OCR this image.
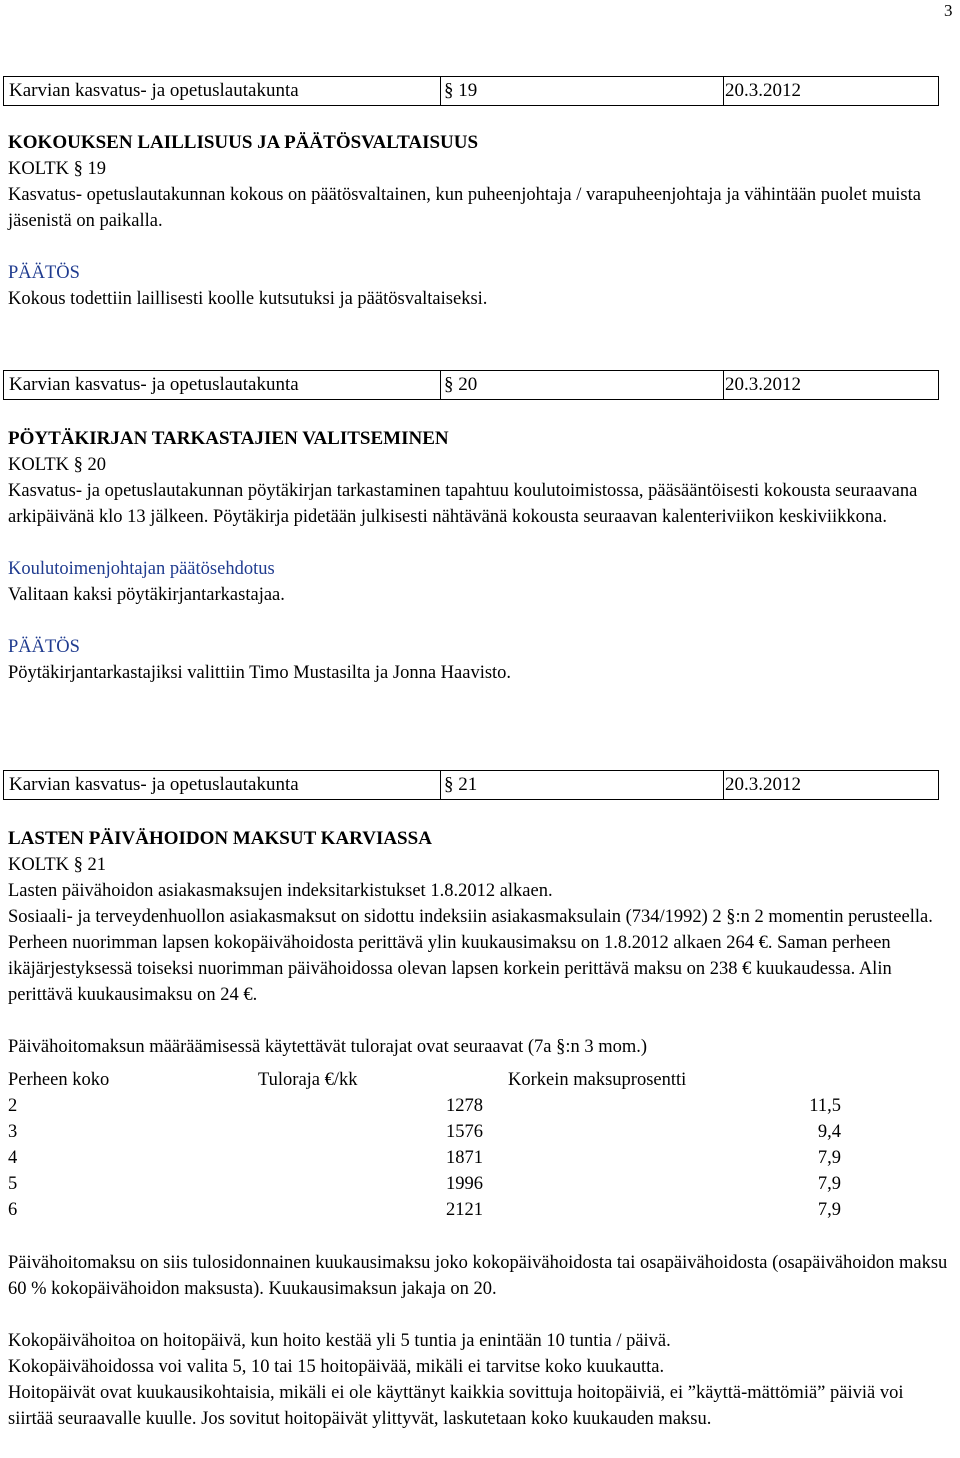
3
Karvian kasvatus- ja opetuslautakunta	§ 19	20.3.2012
KOKOUKSEN LAILLISUUS JA PÄÄTÖSVALTAISUUS
KOLTK § 19
Kasvatus- opetuslautakunnan kokous on päätösvaltainen, kun puheenjohtaja / varapuheenjohtaja ja vähintään puolet muista jäsenistä on paikalla.
PÄÄTÖS
Kokous todettiin laillisesti koolle kutsutuksi ja päätösvaltaiseksi.
Karvian kasvatus- ja opetuslautakunta	§ 20	20.3.2012
PÖYTÄKIRJAN TARKASTAJIEN VALITSEMINEN
KOLTK § 20
Kasvatus- ja opetuslautakunnan pöytäkirjan tarkastaminen tapahtuu koulutoimistossa, pääsääntöisesti kokousta seuraavana arkipäivänä klo 13 jälkeen. Pöytäkirja pidetään julkisesti nähtävänä kokousta seuraavan kalenteriviikon keskiviikkona.
Koulutoimenjohtajan päätösehdotus
Valitaan kaksi pöytäkirjantarkastajaa.
PÄÄTÖS
Pöytäkirjantarkastajiksi valittiin Timo Mustasilta ja Jonna Haavisto.
Karvian kasvatus- ja opetuslautakunta	§ 21	20.3.2012
LASTEN PÄIVÄHOIDON MAKSUT KARVIASSA
KOLTK § 21
Lasten päivähoidon asiakasmaksujen indeksitarkistukset 1.8.2012 alkaen.
Sosiaali- ja terveydenhuollon asiakasmaksut on sidottu indeksiin asiakasmaksulain (734/1992) 2 §:n 2 momentin perusteella. Perheen nuorimman lapsen kokopäivähoidosta perittävä ylin kuukausimaksu on 1.8.2012 alkaen 264 €. Saman perheen ikäjärjestyksessä toiseksi nuorimman päivähoidossa olevan lapsen korkein perittävä maksu on 238 € kuukaudessa. Alin perittävä kuukausimaksu on 24 €.
Päivähoitomaksun määräämisessä käytettävät tulorajat ovat seuraavat (7a §:n 3 mom.)
Perheen koko	Tuloraja €/kk	Korkein maksuprosentti
2	1278	11,5
3	1576	9,4
4	1871	7,9
5	1996	7,9
6	2121	7,9
Päivähoitomaksu on siis tulosidonnainen kuukausimaksu joko kokopäivähoidosta tai osapäivähoidosta (osapäivähoidon maksu 60 % kokopäivähoidon maksusta). Kuukausimaksun jakaja on 20.
Kokopäivähoitoa on hoitopäivä, kun hoito kestää yli 5 tuntia ja enintään 10 tuntia / päivä.
Kokopäivähoidossa voi valita 5, 10 tai 15 hoitopäivää, mikäli ei tarvitse koko kuukautta.
Hoitopäivät ovat kuukausikohtaisia, mikäli ei ole käyttänyt kaikkia sovittuja hoitopäiviä, ei ”käyttä-mättömiä” päiviä voi siirtää seuraavalle kuulle. Jos sovitut hoitopäivät ylittyvät, laskutetaan koko kuukauden maksu.
